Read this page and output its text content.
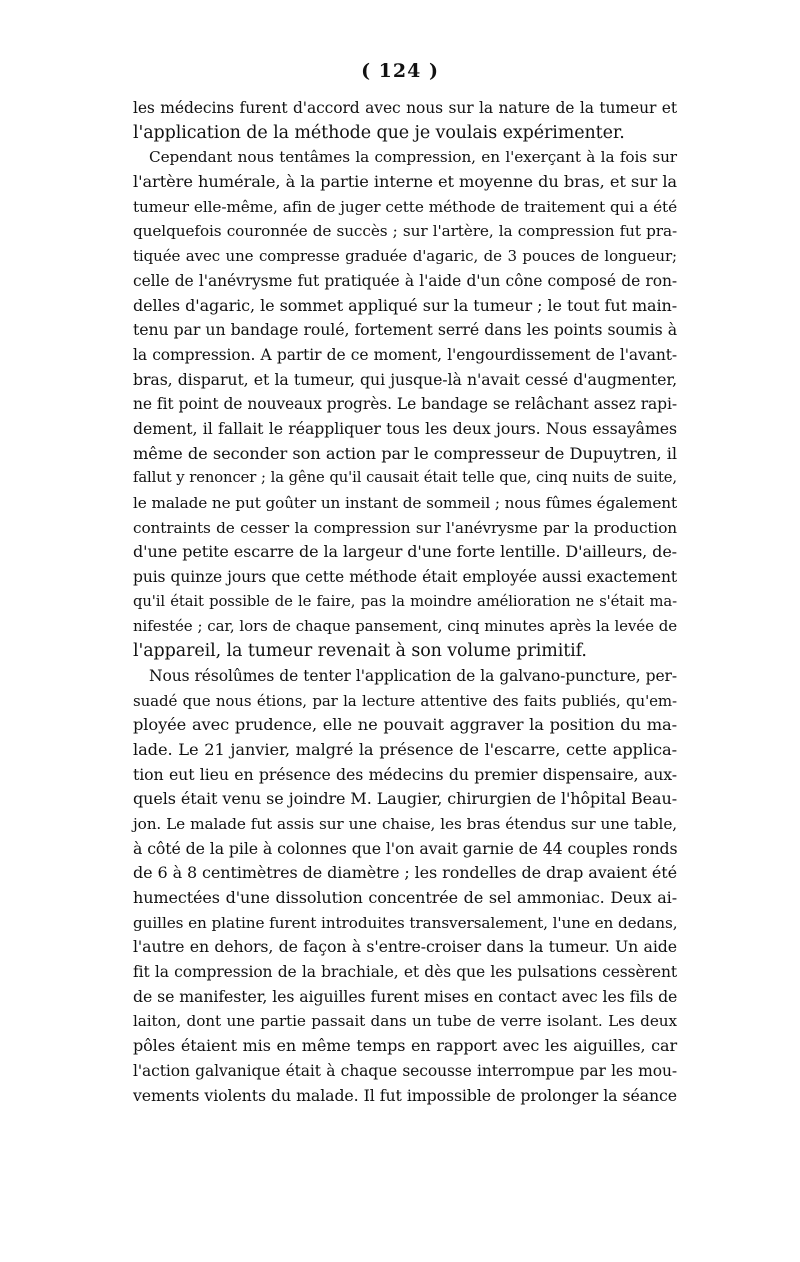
( 124 )
les médecins furent d'accord avec nous sur la nature de la tumeur et
l'application de la méthode que je voulais expérimenter.
Cependant nous tentâmes la compression, en l'exerçant à la fois sur
l'artère humérale, à la partie interne et moyenne du bras, et sur la
tumeur elle-même, afin de juger cette méthode de traitement qui a été
quelquefois couronnée de succès ; sur l'artère, la compression fut pra-
tiquée avec une compresse graduée d'agaric, de 3 pouces de longueur;
celle de l'anévrysme fut pratiquée à l'aide d'un cône composé de ron-
delles d'agaric, le sommet appliqué sur la tumeur ; le tout fut main-
tenu par un bandage roulé, fortement serré dans les points soumis à
la compression. A partir de ce moment, l'engourdissement de l'avant-
bras, disparut, et la tumeur, qui jusque-là n'avait cessé d'augmenter,
ne fit point de nouveaux progrès. Le bandage se relâchant assez rapi-
dement, il fallait le réappliquer tous les deux jours. Nous essayâmes
même de seconder son action par le compresseur de Dupuytren, il
fallut y renoncer ; la gêne qu'il causait était telle que, cinq nuits de suite,
le malade ne put goûter un instant de sommeil ; nous fûmes également
contraints de cesser la compression sur l'anévrysme par la production
d'une petite escarre de la largeur d'une forte lentille. D'ailleurs, de-
puis quinze jours que cette méthode était employée aussi exactement
qu'il était possible de le faire, pas la moindre amélioration ne s'était ma-
nifestée ; car, lors de chaque pansement, cinq minutes après la levée de
l'appareil, la tumeur revenait à son volume primitif.
Nous résolûmes de tenter l'application de la galvano-puncture, per-
suadé que nous étions, par la lecture attentive des faits publiés, qu'em-
ployée avec prudence, elle ne pouvait aggraver la position du ma-
lade. Le 21 janvier, malgré la présence de l'escarre, cette applica-
tion eut lieu en présence des médecins du premier dispensaire, aux-
quels était venu se joindre M. Laugier, chirurgien de l'hôpital Beau-
jon. Le malade fut assis sur une chaise, les bras étendus sur une table,
à côté de la pile à colonnes que l'on avait garnie de 44 couples ronds
de 6 à 8 centimètres de diamètre ; les rondelles de drap avaient été
humectées d'une dissolution concentrée de sel ammoniac. Deux ai-
guilles en platine furent introduites transversalement, l'une en dedans,
l'autre en dehors, de façon à s'entre-croiser dans la tumeur. Un aide
fit la compression de la brachiale, et dès que les pulsations cessèrent
de se manifester, les aiguilles furent mises en contact avec les fils de
laiton, dont une partie passait dans un tube de verre isolant. Les deux
pôles étaient mis en même temps en rapport avec les aiguilles, car
l'action galvanique était à chaque secousse interrompue par les mou-
vements violents du malade. Il fut impossible de prolonger la séance
